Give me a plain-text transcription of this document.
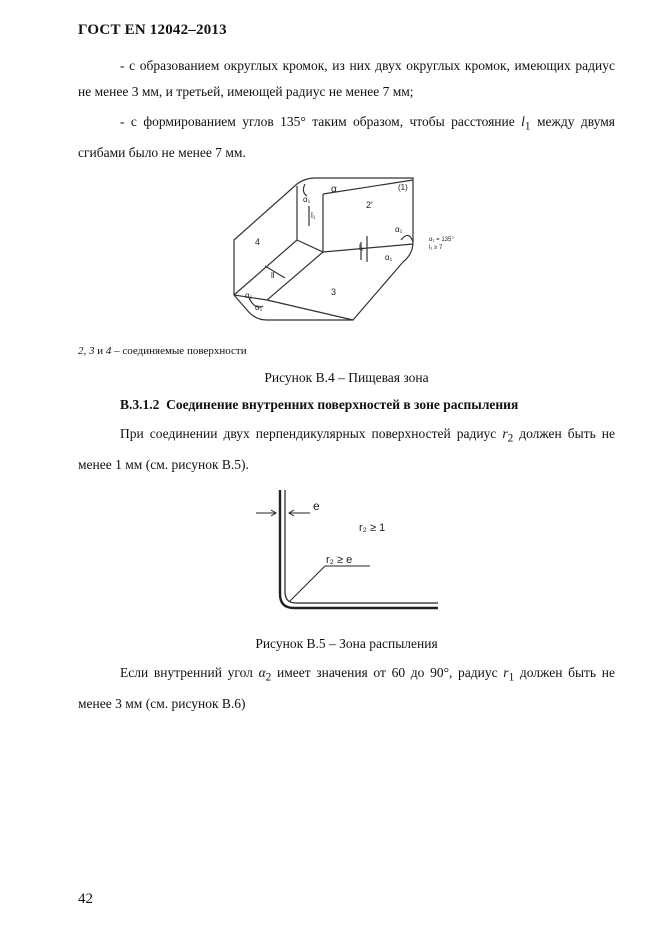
ГОСТ EN 12042–2013
- с образованием округлых кромок, из них двух округлых кромок, имеющих радиус не менее 3 мм, и третьей, имеющей радиус не менее 7 мм;
- с формированием углов 135° таким образом, чтобы расстояние $l_1$ между двумя сгибами было не менее 7 мм.
α
α₁
α₁
α₁
α₁
α₁
l₁
l₁
ll
(1)
2'
3
4	α₁ = 135°
l₁ ≥ 7
2, 3 и 4 – соединяемые поверхности
Рисунок В.4 – Пищевая зона
В.3.1.2 Соединение внутренних поверхностей в зоне распыления
При соединении двух перпендикулярных поверхностей радиус $r_2$ должен быть не менее 1 мм (см. рисунок В.5).
e
r₂ ≥ 1
r₂ ≥ e
Рисунок В.5 – Зона распыления
Если внутренний угол $\alpha_2$ имеет значения от 60 до 90°, радиус $r_1$ должен быть не менее 3 мм (см. рисунок В.6)
42
